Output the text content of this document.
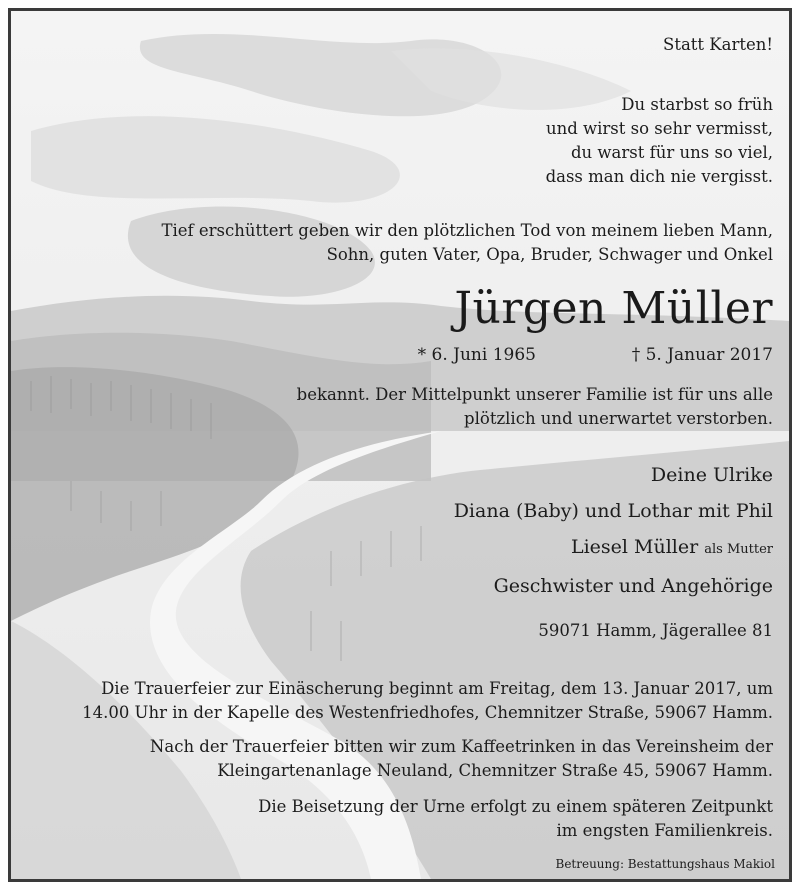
Statt Karten!
Du starbst so früh
und wirst so sehr vermisst,
du warst für uns so viel,
dass man dich nie vergisst.
Tief erschüttert geben wir den plötzlichen Tod von meinem lieben Mann,
Sohn, guten Vater, Opa, Bruder, Schwager und Onkel
Jürgen Müller
* 6. Juni 1965	† 5. Januar 2017
bekannt. Der Mittelpunkt unserer Familie ist für uns alle
plötzlich und unerwartet verstorben.
Deine Ulrike
Diana (Baby) und Lothar mit Phil
Liesel Müller als Mutter
Geschwister und Angehörige
59071 Hamm, Jägerallee 81
Die Trauerfeier zur Einäscherung beginnt am Freitag, dem 13. Januar 2017, um
14.00 Uhr in der Kapelle des Westenfriedhofes, Chemnitzer Straße, 59067 Hamm.
Nach der Trauerfeier bitten wir zum Kaffeetrinken in das Vereinsheim der
Kleingartenanlage Neuland, Chemnitzer Straße 45, 59067 Hamm.
Die Beisetzung der Urne erfolgt zu einem späteren Zeitpunkt
im engsten Familienkreis.
Betreuung: Bestattungshaus Makiol
